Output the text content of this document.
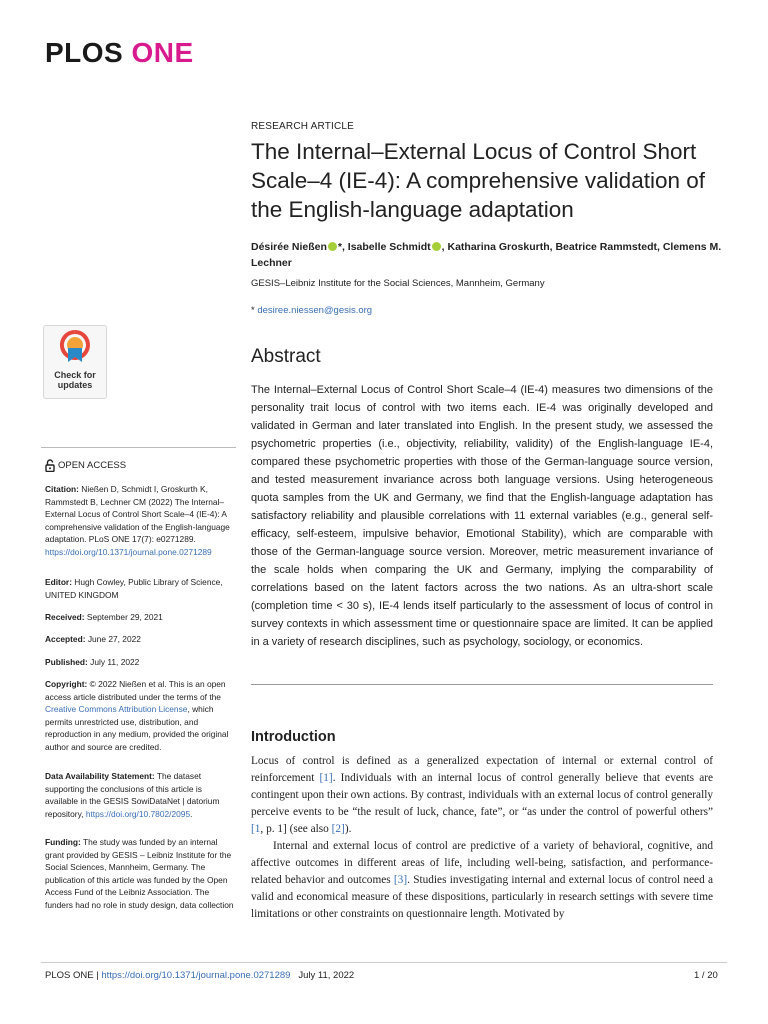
PLOS ONE
RESEARCH ARTICLE
The Internal–External Locus of Control Short Scale–4 (IE-4): A comprehensive validation of the English-language adaptation
Désirée Nießen *, Isabelle Schmidt , Katharina Groskurth, Beatrice Rammstedt, Clemens M. Lechner
GESIS–Leibniz Institute for the Social Sciences, Mannheim, Germany
* desiree.niessen@gesis.org
Abstract
The Internal–External Locus of Control Short Scale–4 (IE-4) measures two dimensions of the personality trait locus of control with two items each. IE-4 was originally developed and validated in German and later translated into English. In the present study, we assessed the psychometric properties (i.e., objectivity, reliability, validity) of the English-language IE-4, compared these psychometric properties with those of the German-language source version, and tested measurement invariance across both language versions. Using heterogeneous quota samples from the UK and Germany, we find that the English-language adaptation has satisfactory reliability and plausible correlations with 11 external variables (e.g., general self-efficacy, self-esteem, impulsive behavior, Emotional Stability), which are comparable with those of the German-language source version. Moreover, metric measurement invariance of the scale holds when comparing the UK and Germany, implying the comparability of correlations based on the latent factors across the two nations. As an ultra-short scale (completion time < 30 s), IE-4 lends itself particularly to the assessment of locus of control in survey contexts in which assessment time or questionnaire space are limited. It can be applied in a variety of research disciplines, such as psychology, sociology, or economics.
Introduction

Locus of control is defined as a generalized expectation of internal or external control of reinforcement [1]. Individuals with an internal locus of control generally believe that events are contingent upon their own actions. By contrast, individuals with an external locus of control generally perceive events to be “the result of luck, chance, fate”, or “as under the control of powerful others” [1, p. 1] (see also [2]).

Internal and external locus of control are predictive of a variety of behavioral, cognitive, and affective outcomes in different areas of life, including well-being, satisfaction, and performance-related behavior and outcomes [3]. Studies investigating internal and external locus of control need a valid and economical measure of these dispositions, particularly in research settings with severe time limitations or other constraints on questionnaire length. Motivated by

Check for
updates
OPEN ACCESS
Citation: Nießen D, Schmidt I, Groskurth K, Rammstedt B, Lechner CM (2022) The Internal–External Locus of Control Short Scale–4 (IE-4): A comprehensive validation of the English-language adaptation. PLoS ONE 17(7): e0271289. https://doi.org/10.1371/journal.pone.0271289
Editor: Hugh Cowley, Public Library of Science, UNITED KINGDOM
Received: September 29, 2021
Accepted: June 27, 2022
Published: July 11, 2022
Copyright: © 2022 Nießen et al. This is an open access article distributed under the terms of the Creative Commons Attribution License, which permits unrestricted use, distribution, and reproduction in any medium, provided the original author and source are credited.
Data Availability Statement: The dataset supporting the conclusions of this article is available in the GESIS SowiDataNet | datorium repository, https://doi.org/10.7802/2095.
Funding: The study was funded by an internal grant provided by GESIS – Leibniz Institute for the Social Sciences, Mannheim, Germany. The publication of this article was funded by the Open Access Fund of the Leibniz Association. The funders had no role in study design, data collection
PLOS ONE | https://doi.org/10.1371/journal.pone.0271289 July 11, 2022	1 / 20
